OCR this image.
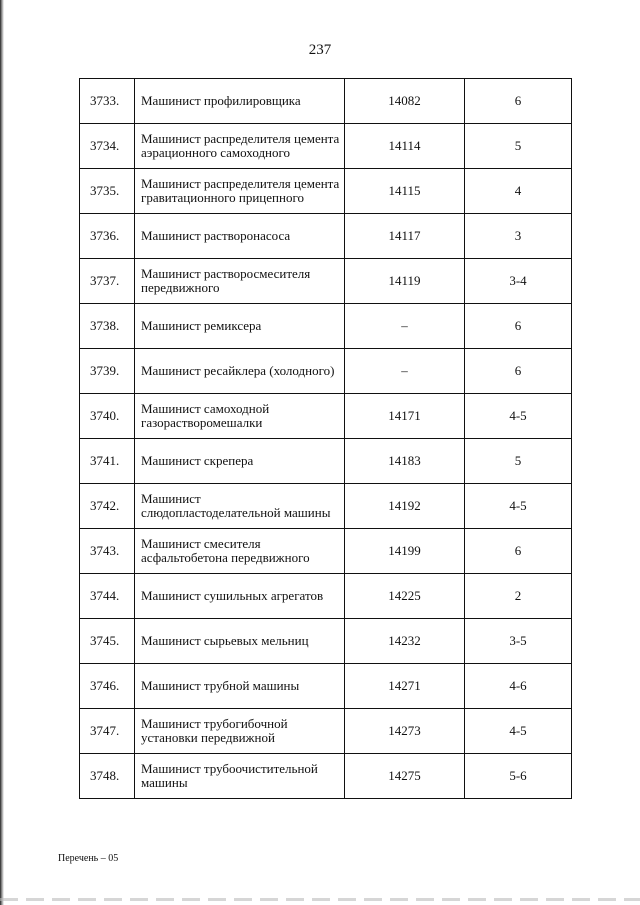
237
3733.	Машинист профилировщика	14082	6
3734.	Машинист распределителя цемента аэрационного самоходного	14114	5
3735.	Машинист распределителя цемента гравитационного прицепного	14115	4
3736.	Машинист растворонасоса	14117	3
3737.	Машинист растворосмесителя передвижного	14119	3-4
3738.	Машинист ремиксера	–	6
3739.	Машинист ресайклера (холодного)	–	6
3740.	Машинист самоходной газорастворомешалки	14171	4-5
3741.	Машинист скрепера	14183	5
3742.	Машинист слюдопластоделательной машины	14192	4-5
3743.	Машинист смесителя асфальтобетона передвижного	14199	6
3744.	Машинист сушильных агрегатов	14225	2
3745.	Машинист сырьевых мельниц	14232	3-5
3746.	Машинист трубной машины	14271	4-6
3747.	Машинист трубогибочной установки передвижной	14273	4-5
3748.	Машинист трубоочистительной машины	14275	5-6
Перечень – 05
